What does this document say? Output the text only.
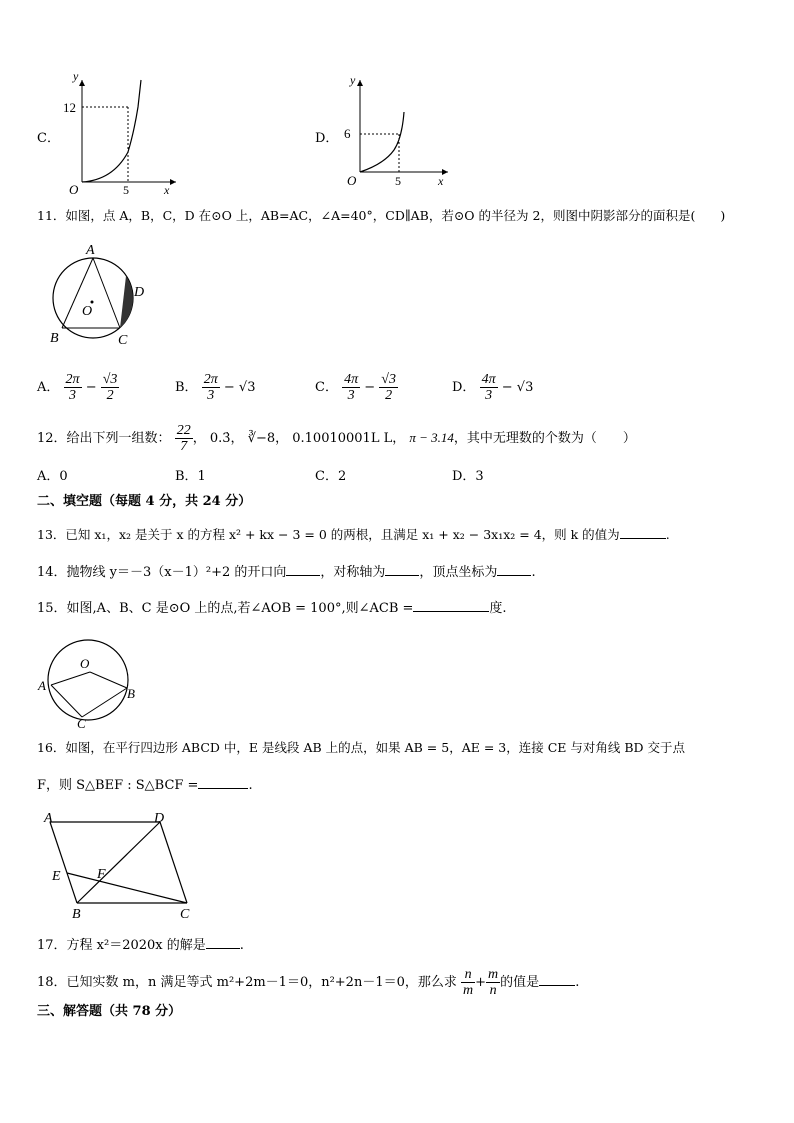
C．
y
12
5	x
O
D．
y
6
5	x
O
11．如图，点 A，B，C，D 在⊙O 上，AB=AC，∠A=40°，CD∥AB，若⊙O 的半径为 2，则图中阴影部分的面积是(　　)
A
B	C
D
O
A． $\frac{2\pi}{3} - \frac{√3}{2}$	B． $\frac{2\pi}{3} - √3$	C． $\frac{4\pi}{3} - \frac{√3}{2}$	D． $\frac{4\pi}{3} - √3$
12．给出下列一组数： $\frac{22}{7}$ ， 0.3̇， ∛−8， 0.10010001L L， π − 3.14，其中无理数的个数为（　　）
A．0	B．1	C．2	D．3
二、填空题（每题 4 分，共 24 分）
13．已知 x₁，x₂ 是关于 x 的方程 x² + kx − 3 = 0 的两根，且满足 x₁ + x₂ − 3x₁x₂ = 4，则 k 的值为	.
14．抛物线 y＝－3（x－1）²+2 的开口向	，对称轴为	，顶点坐标为	.
15．如图,A、B、C 是⊙O 上的点,若∠AOB = 100°,则∠ACB =	度.
O
A
B
C
16．如图，在平行四边形 ABCD 中，E 是线段 AB 上的点，如果 AB = 5，AE = 3，连接 CE 与对角线 BD 交于点
F，则 S△BEF : S△BCF =	.
A	D
E	F
B	C
17．方程 x²＝2020x 的解是	.
18．已知实数 m，n 满足等式 m²+2m－1＝0，n²+2n－1＝0，那么求 $\frac{n}{m} + \frac{m}{n}$ 的值是	.
三、解答题（共 78 分）
